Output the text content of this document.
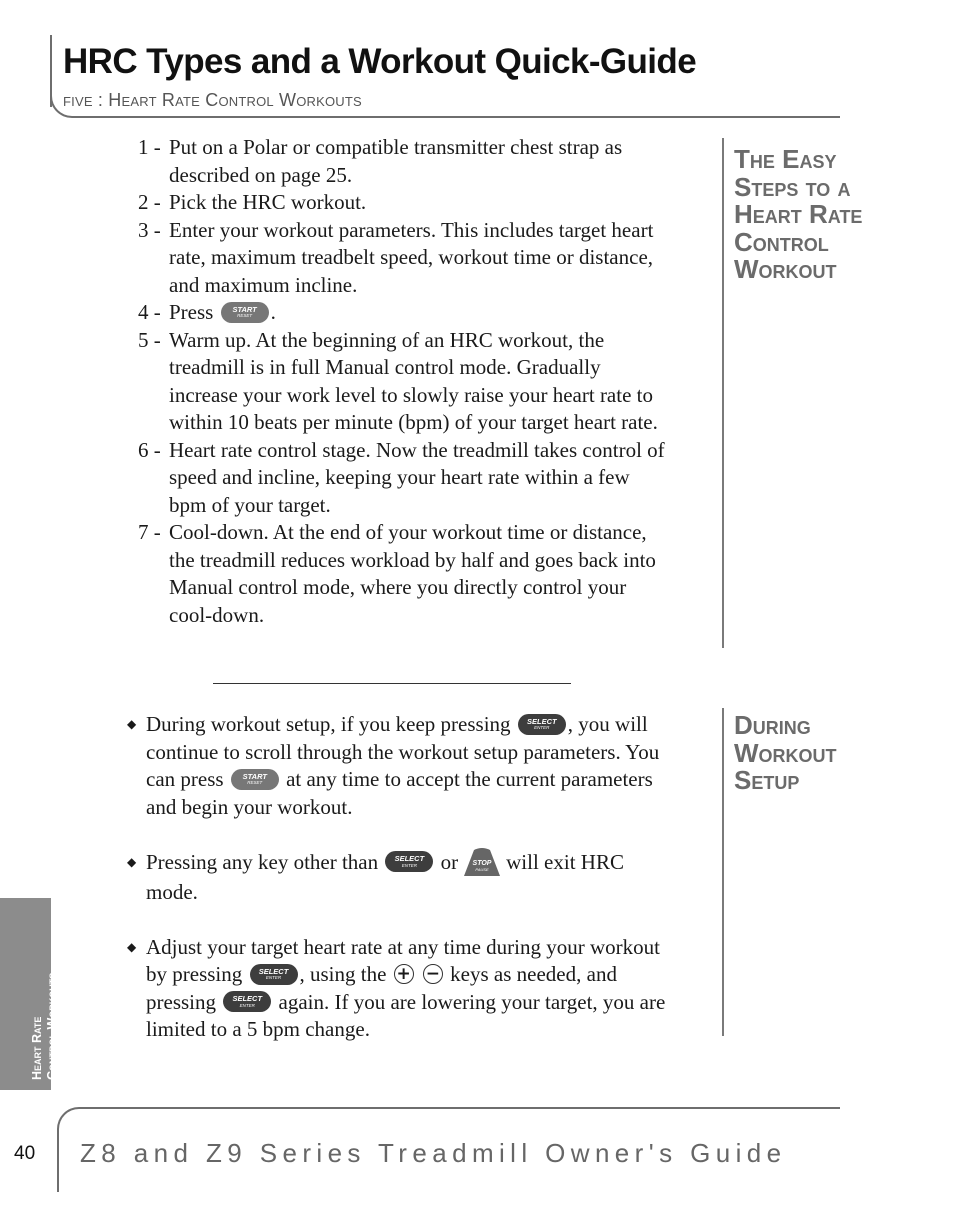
HRC Types and a Workout Quick-Guide
five : Heart Rate Control Workouts
1 - Put on a Polar or compatible transmitter chest strap as described on page 25.
2 - Pick the HRC workout.
3 - Enter your workout parameters. This includes target heart rate, maximum treadbelt speed, workout time or distance, and maximum incline.
4 - Press	START
RESET .
5 - Warm up. At the beginning of an HRC workout, the treadmill is in full Manual control mode. Gradually increase your work level to slowly raise your heart rate to within 10 beats per minute (bpm) of your target heart rate.
6 - Heart rate control stage. Now the treadmill takes control of speed and incline, keeping your heart rate within a few bpm of your target.
7 - Cool-down. At the end of your workout time or distance, the treadmill reduces workload by half and goes back into Manual control mode, where you directly control your cool-down.
The Easy
Steps to a
Heart Rate
Control
Workout
◆ During workout setup, if you keep pressing SELECT
ENTER , you will continue to scroll through the workout setup parameters. You can press	START
RESET at any time to accept the current parameters and begin your workout.
◆ Pressing any key other than SELECT
ENTER or STOP
PAUSE will exit HRC mode.
◆ Adjust your target heart rate at any time during your workout by pressing SELECT
ENTER , using the + − keys as needed, and pressing SELECT
ENTER again. If you are lowering your target, you are limited to a 5 bpm change.
During
Workout
Setup
Heart Rate Control Workouts
40 Z8 and Z9 Series Treadmill Owner's Guide
